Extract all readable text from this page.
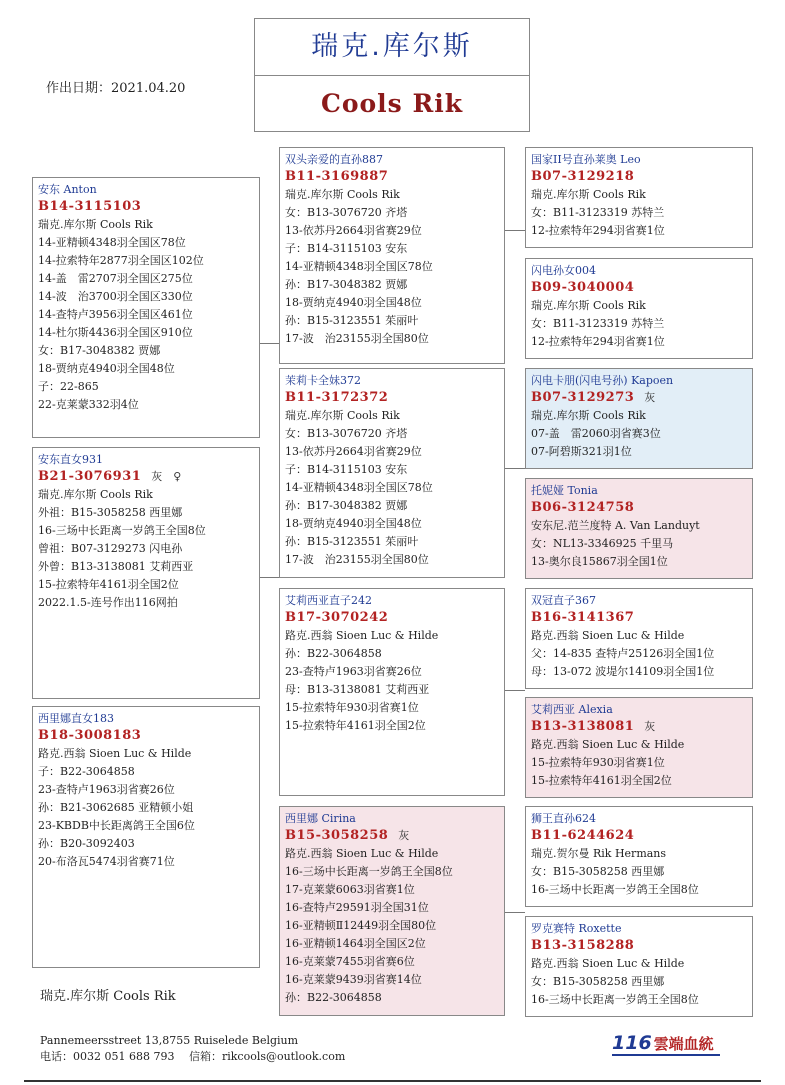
瑞克.库尔斯
Cools Rik
作出日期：2021.04.20
安东 Anton
B14-3115103
瑞克.库尔斯 Cools Rik
14-亚精顿4348羽全国区78位
14-拉索特年2877羽全国区102位
14-盖　雷2707羽全国区275位
14-波　治3700羽全国区330位
14-查特卢3956羽全国区461位
14-杜尔斯4436羽全国区910位
女：B17-3048382 贾娜
18-贾纳克4940羽全国48位
子：22-865
22-克莱蒙332羽4位
安东直女931
B21-3076931 灰　♀
瑞克.库尔斯 Cools Rik
外祖：B15-3058258 西里娜
16-三场中长距离一岁鸽王全国8位
曾祖：B07-3129273 闪电孙
外曾：B13-3138081 艾莉西亚
15-拉索特年4161羽全国2位
2022.1.5-连号作出116网拍
西里娜直女183
B18-3008183
路克.西翁 Sioen Luc & Hilde
子：B22-3064858
23-查特卢1963羽省赛26位
孙：B21-3062685 亚精顿小姐
23-KBDB中长距离鸽王全国6位
孙：B20-3092403
20-布洛瓦5474羽省赛71位
双头亲爱的直孙887
B11-3169887
瑞克.库尔斯 Cools Rik
女：B13-3076720 齐塔
13-依苏丹2664羽省赛29位
子：B14-3115103 安东
14-亚精顿4348羽全国区78位
孙：B17-3048382 贾娜
18-贾纳克4940羽全国48位
孙：B15-3123551 茱丽叶
17-波　治23155羽全国80位
茉莉卡全妹372
B11-3172372
瑞克.库尔斯 Cools Rik
女：B13-3076720 齐塔
13-依苏丹2664羽省赛29位
子：B14-3115103 安东
14-亚精顿4348羽全国区78位
孙：B17-3048382 贾娜
18-贾纳克4940羽全国48位
孙：B15-3123551 茱丽叶
17-波　治23155羽全国80位
艾莉西亚直子242
B17-3070242
路克.西翁 Sioen Luc & Hilde
孙：B22-3064858
23-查特卢1963羽省赛26位
母：B13-3138081 艾莉西亚
15-拉索特年930羽省赛1位
15-拉索特年4161羽全国2位
西里娜 Cirina
B15-3058258 灰
路克.西翁 Sioen Luc & Hilde
16-三场中长距离一岁鸽王全国8位
17-克莱蒙6063羽省赛1位
16-查特卢29591羽全国31位
16-亚精顿Ⅱ12449羽全国80位
16-亚精顿1464羽全国区2位
16-克莱蒙7455羽省赛6位
16-克莱蒙9439羽省赛14位
孙：B22-3064858
国家II号直孙莱奥 Leo
B07-3129218
瑞克.库尔斯 Cools Rik
女：B11-3123319 苏特兰
12-拉索特年294羽省赛1位
闪电孙女004
B09-3040004
瑞克.库尔斯 Cools Rik
女：B11-3123319 苏特兰
12-拉索特年294羽省赛1位
闪电卡朋(闪电号孙) Kapoen
B07-3129273 灰
瑞克.库尔斯 Cools Rik
07-盖　雷2060羽省赛3位
07-阿碧斯321羽1位
托妮娅 Tonia
B06-3124758
安东尼.范兰度特 A. Van Landuyt
女：NL13-3346925 千里马
13-奥尔良15867羽全国1位
双冠直子367
B16-3141367
路克.西翁 Sioen Luc & Hilde
父：14-835 查特卢25126羽全国1位
母：13-072 波堤尔14109羽全国1位
艾莉西亚 Alexia
B13-3138081 灰
路克.西翁 Sioen Luc & Hilde
15-拉索特年930羽省赛1位
15-拉索特年4161羽全国2位
狮王直孙624
B11-6244624
瑞克.贺尔曼 Rik Hermans
女：B15-3058258 西里娜
16-三场中长距离一岁鸽王全国8位
罗克赛特 Roxette
B13-3158288
路克.西翁 Sioen Luc & Hilde
女：B15-3058258 西里娜
16-三场中长距离一岁鸽王全国8位
瑞克.库尔斯 Cools Rik
Pannemeersstreet 13,8755 Ruiselede Belgium
电话：0032 051 688 793　 信箱：rikcools@outlook.com
116 雲端血統
